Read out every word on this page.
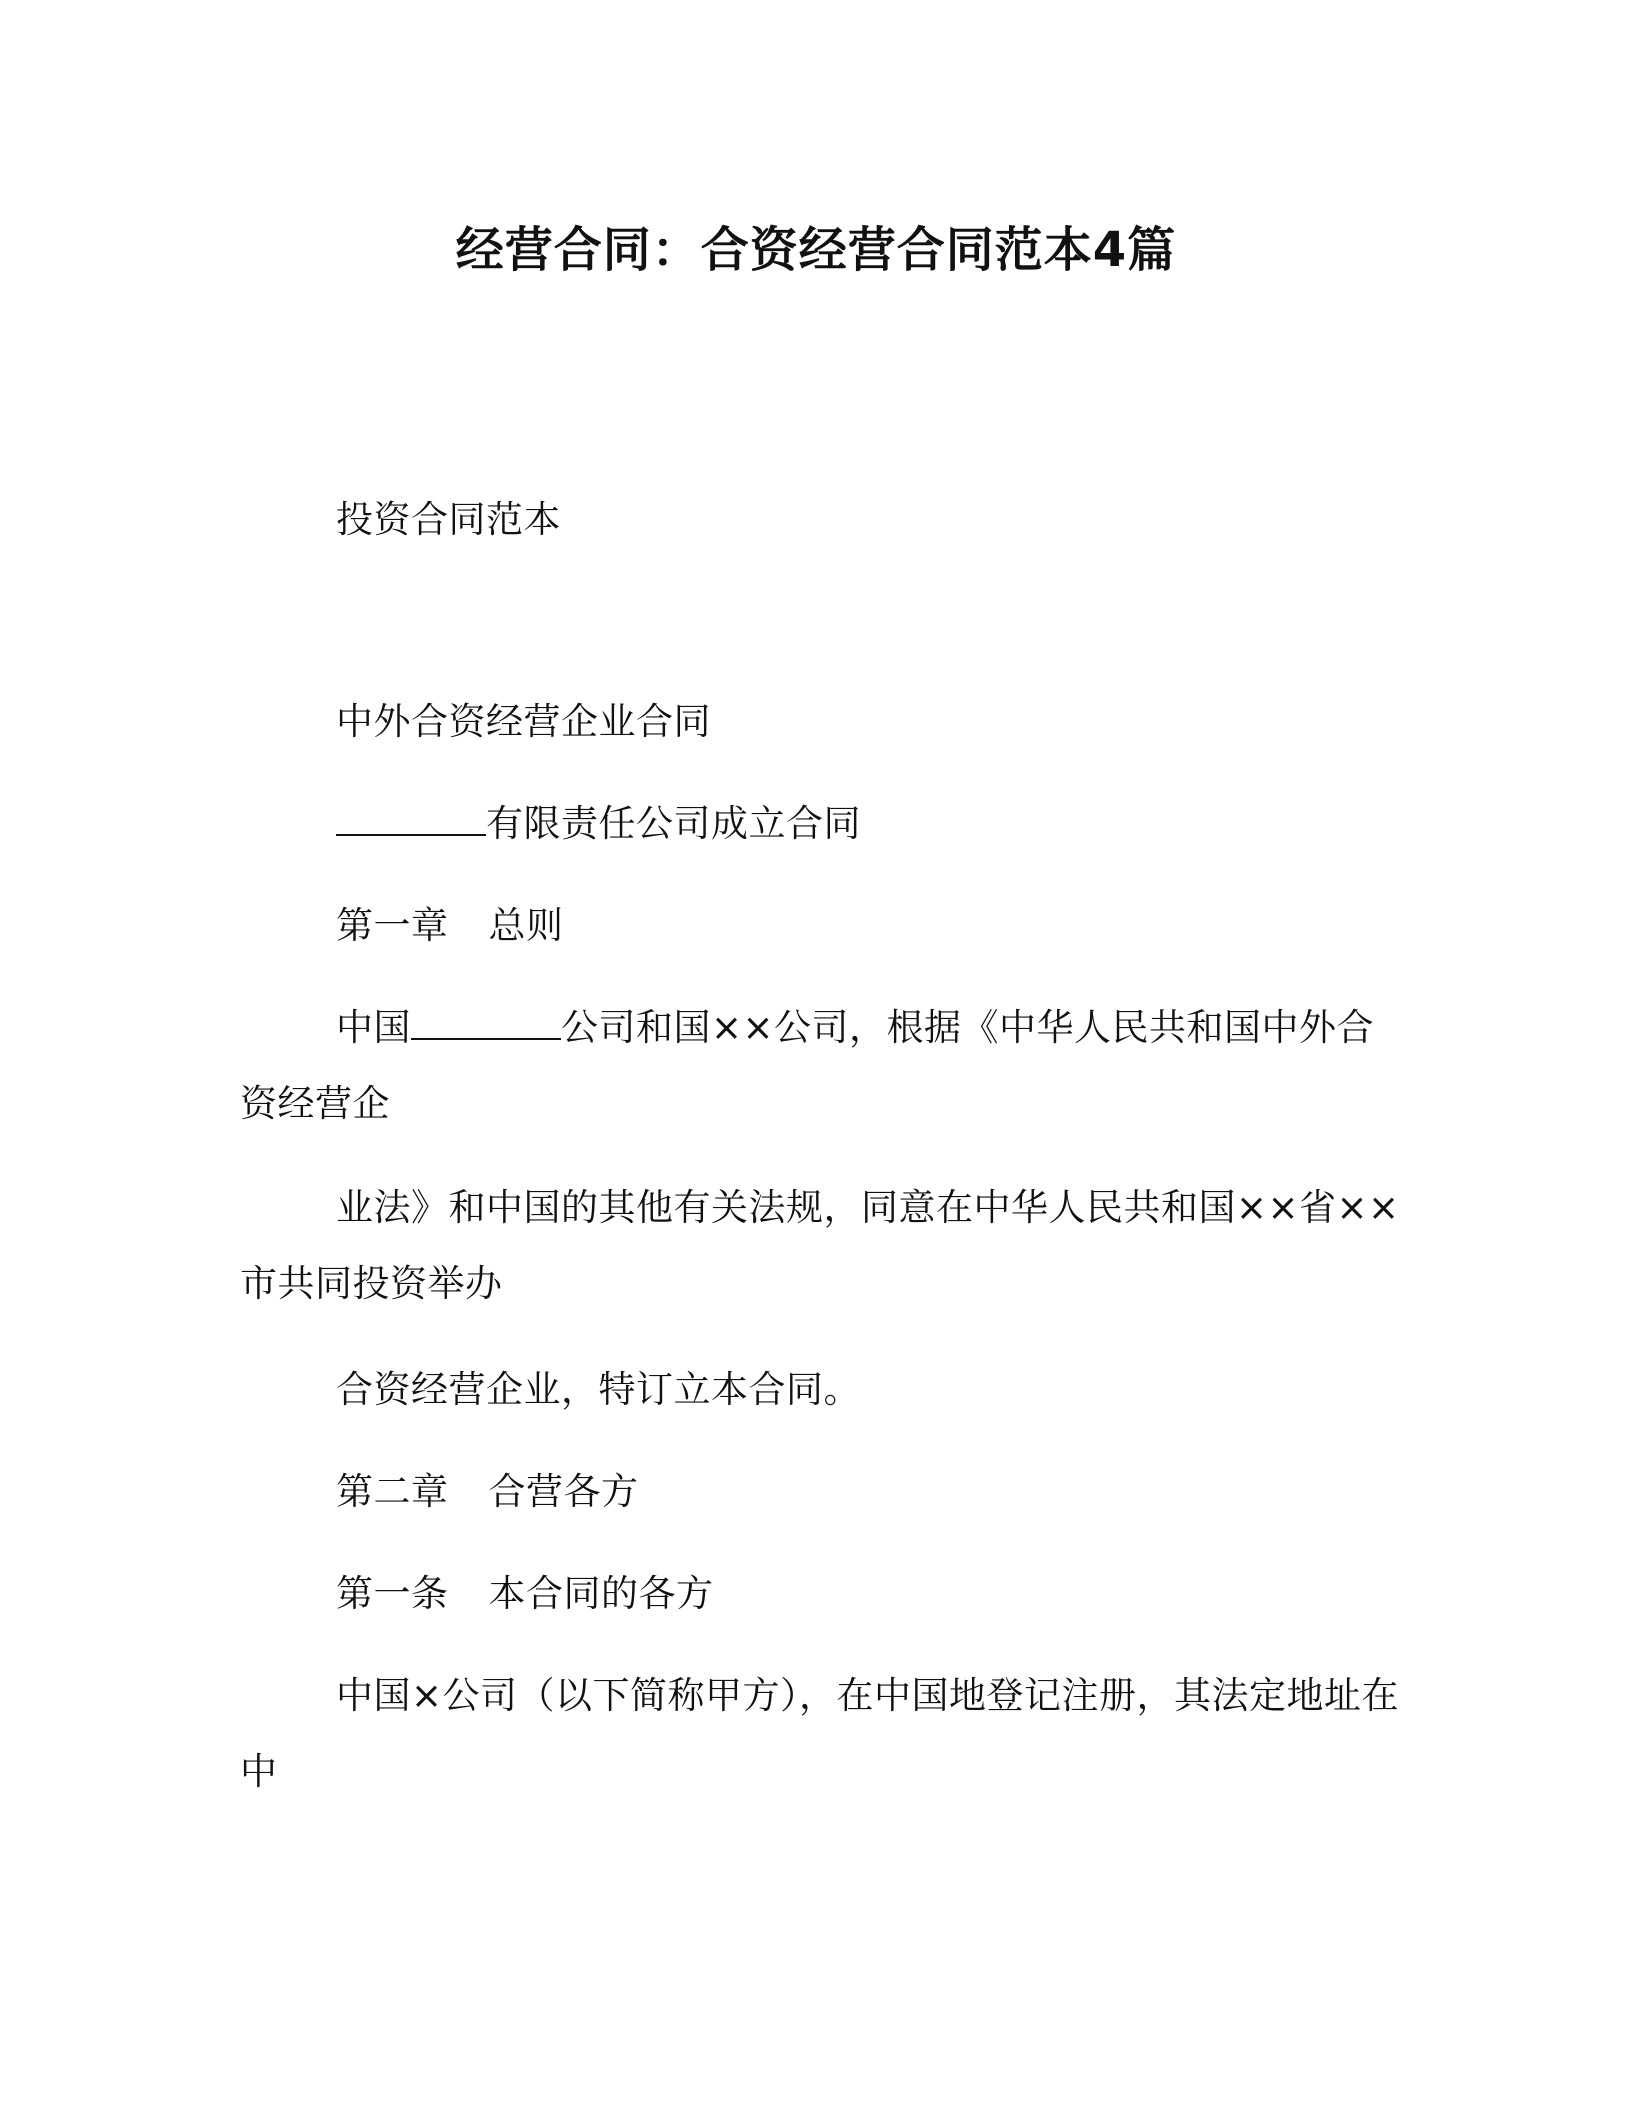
经营合同：合资经营合同范本4篇
投资合同范本
中外合资经营企业合同
有限责任公司成立合同
第一章 总则
中国	公司和国××公司，根据《中华人民共和国中外合资经营企
业法》和中国的其他有关法规，同意在中华人民共和国××省××市共同投资举办
合资经营企业，特订立本合同。
第二章 合营各方
第一条 本合同的各方
中国×公司（以下简称甲方），在中国地登记注册，其法定地址在中
